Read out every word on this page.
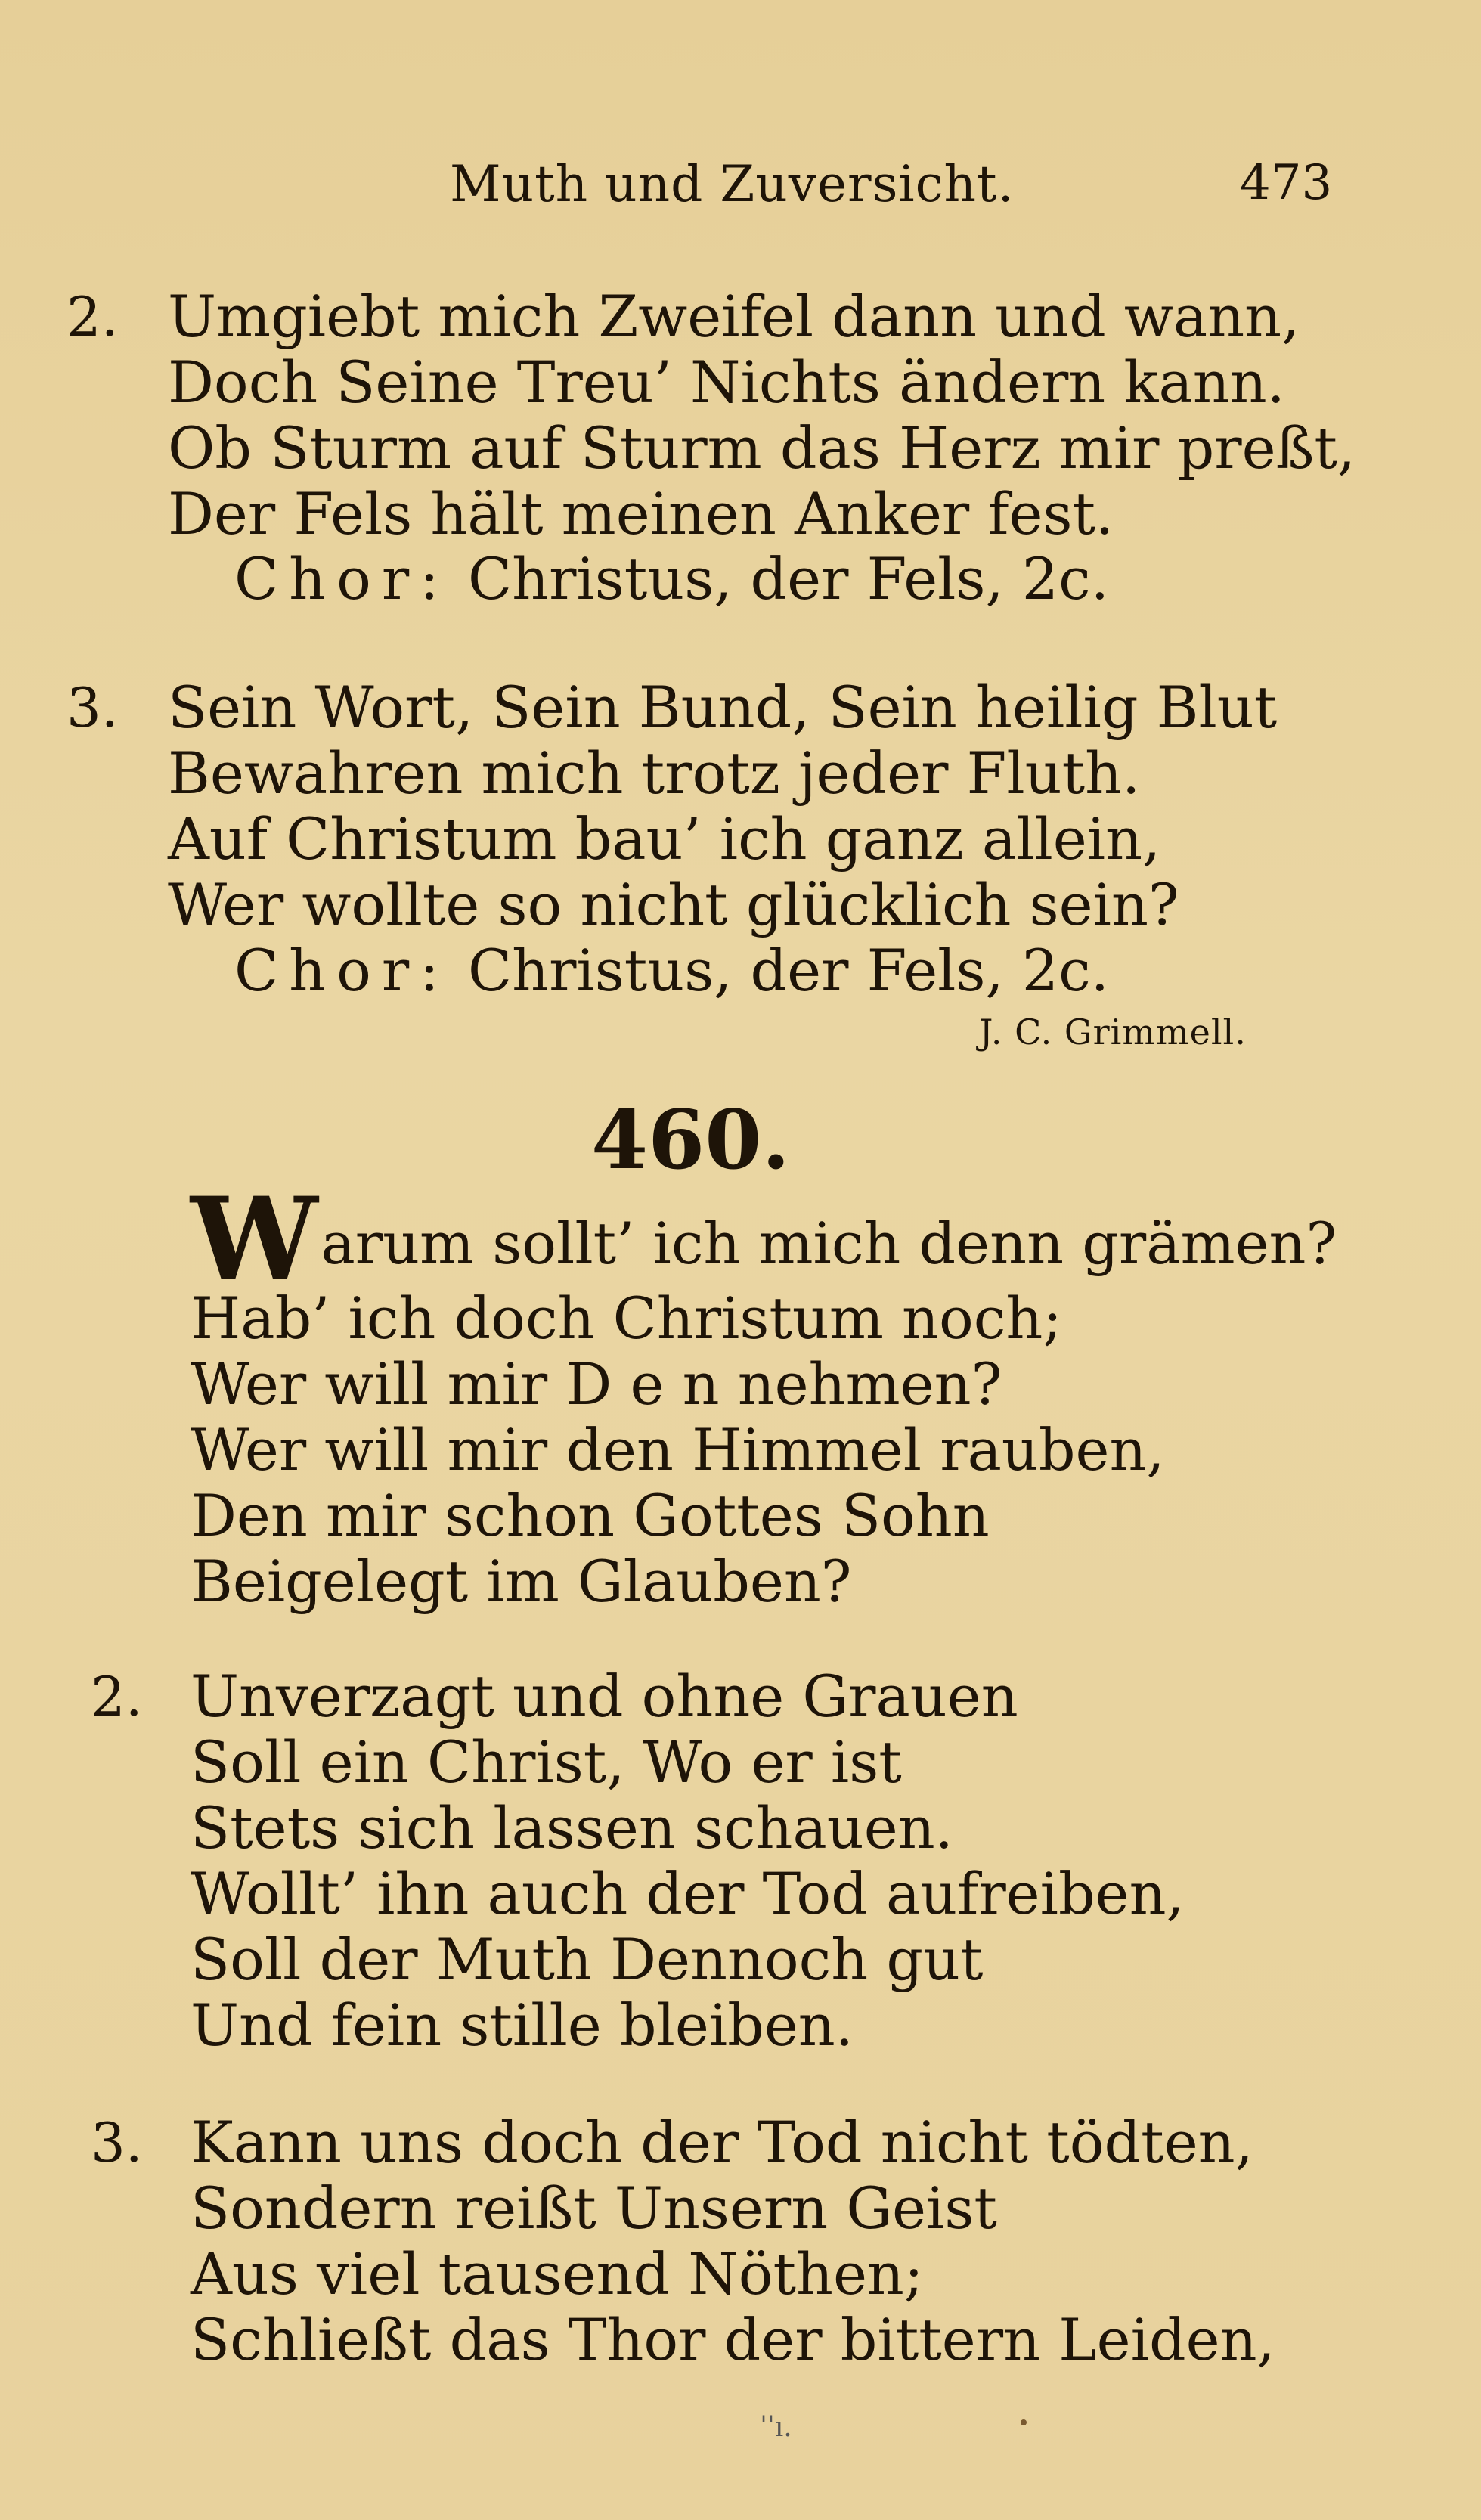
Muth und Zuversicht.	473
2. Umgiebt mich Zweifel dann und wann,
Doch Seine Treu’ Nichts ändern kann.
Ob Sturm auf Sturm das Herz mir preßt,
Der Fels hält meinen Anker fest.
Chor: Christus, der Fels, 2c.
3. Sein Wort, Sein Bund, Sein heilig Blut
Bewahren mich trotz jeder Fluth.
Auf Christum bau’ ich ganz allein,
Wer wollte so nicht glücklich sein?
Chor: Christus, der Fels, 2c.
J. C. Grimmell.
460.
Warum sollt’ ich mich denn grämen?
Hab’ ich doch Christum noch;
Wer will mir D e n nehmen?
Wer will mir den Himmel rauben,
Den mir schon Gottes Sohn
Beigelegt im Glauben?
2. Unverzagt und ohne Grauen
Soll ein Christ, Wo er ist
Stets sich lassen schauen.
Wollt’ ihn auch der Tod aufreiben,
Soll der Muth Dennoch gut
Und fein stille bleiben.
3. Kann uns doch der Tod nicht tödten,
Sondern reißt Unsern Geist
Aus viel tausend Nöthen;
Schließt das Thor der bittern Leiden,
ˈˈı.
